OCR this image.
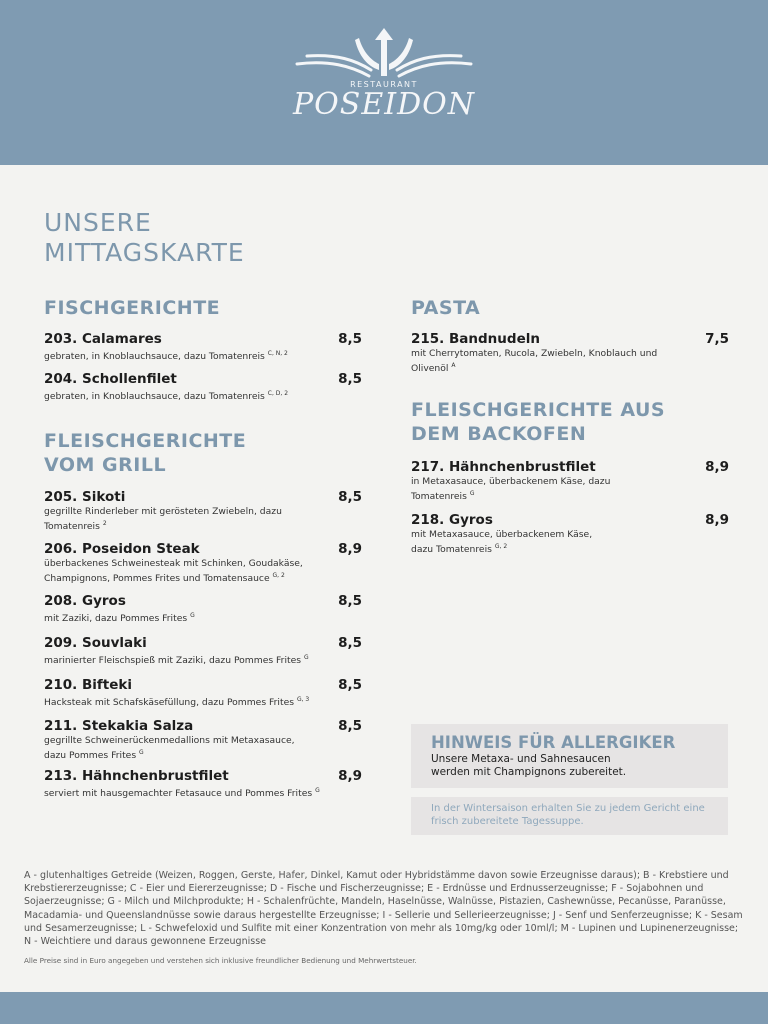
RESTAURANT
POSEIDON
UNSERE
MITTAGSKARTE
FISCHGERICHTE
203. Calamares	8,5
gebraten, in Knoblauchsauce, dazu Tomatenreis $^{C, N, 2}$
204. Schollenfilet	8,5
gebraten, in Knoblauchsauce, dazu Tomatenreis $^{C, D, 2}$
FLEISCHGERICHTE
VOM GRILL
205. Sikoti	8,5
gegrillte Rinderleber mit gerösteten Zwiebeln, dazu Tomatenreis $^2$
206. Poseidon Steak	8,9
überbackenes Schweinesteak mit Schinken, Goudakäse, Champignons, Pommes Frites und Tomatensauce $^{G, 2}$
208. Gyros	8,5
mit Zaziki, dazu Pommes Frites $^G$
209. Souvlaki	8,5
marinierter Fleischspieß mit Zaziki, dazu Pommes Frites $^G$
210. Bifteki	8,5
Hacksteak mit Schafskäsefüllung, dazu Pommes Frites $^{G, 3}$
211. Stekakia Salza	8,5
gegrillte Schweinerückenmedallions mit Metaxasauce, dazu Pommes Frites $^G$
213. Hähnchenbrustfilet	8,9
serviert mit hausgemachter Fetasauce und Pommes Frites $^G$
PASTA
215. Bandnudeln	7,5
mit Cherrytomaten, Rucola, Zwiebeln, Knoblauch und Olivenöl $^A$
FLEISCHGERICHTE AUS
DEM BACKOFEN
217. Hähnchenbrustfilet	8,9
in Metaxasauce, überbackenem Käse, dazu Tomatenreis $^G$
218. Gyros	8,9
mit Metaxasauce, überbackenem Käse, dazu Tomatenreis $^{G, 2}$
HINWEIS FÜR ALLERGIKER
Unsere Metaxa- und Sahnesaucen werden mit Champignons zubereitet.
In der Wintersaison erhalten Sie zu jedem Gericht eine frisch zubereitete Tagessuppe.
A - glutenhaltiges Getreide (Weizen, Roggen, Gerste, Hafer, Dinkel, Kamut oder Hybridstämme davon sowie Erzeugnisse daraus); B - Krebstiere und Krebstiererzeugnisse; C - Eier und Eiererzeugnisse; D - Fische und Fischerzeugnisse; E - Erdnüsse und Erdnusserzeugnisse; F - Sojabohnen und Sojaerzeugnisse; G - Milch und Milchprodukte; H - Schalenfrüchte, Mandeln, Haselnüsse, Walnüsse, Pistazien, Cashewnüsse, Pecanüsse, Paranüsse, Macadamia- und Queenslandnüsse sowie daraus hergestellte Erzeugnisse; I - Sellerie und Sellerieerzeugnisse; J - Senf und Senferzeugnisse; K - Sesam und Sesamerzeugnisse; L - Schwefeloxid und Sulfite mit einer Konzentration von mehr als 10mg/kg oder 10ml/l; M - Lupinen und Lupinenerzeugnisse; N - Weichtiere und daraus gewonnene Erzeugnisse
Alle Preise sind in Euro angegeben und verstehen sich inklusive freundlicher Bedienung und Mehrwertsteuer.
